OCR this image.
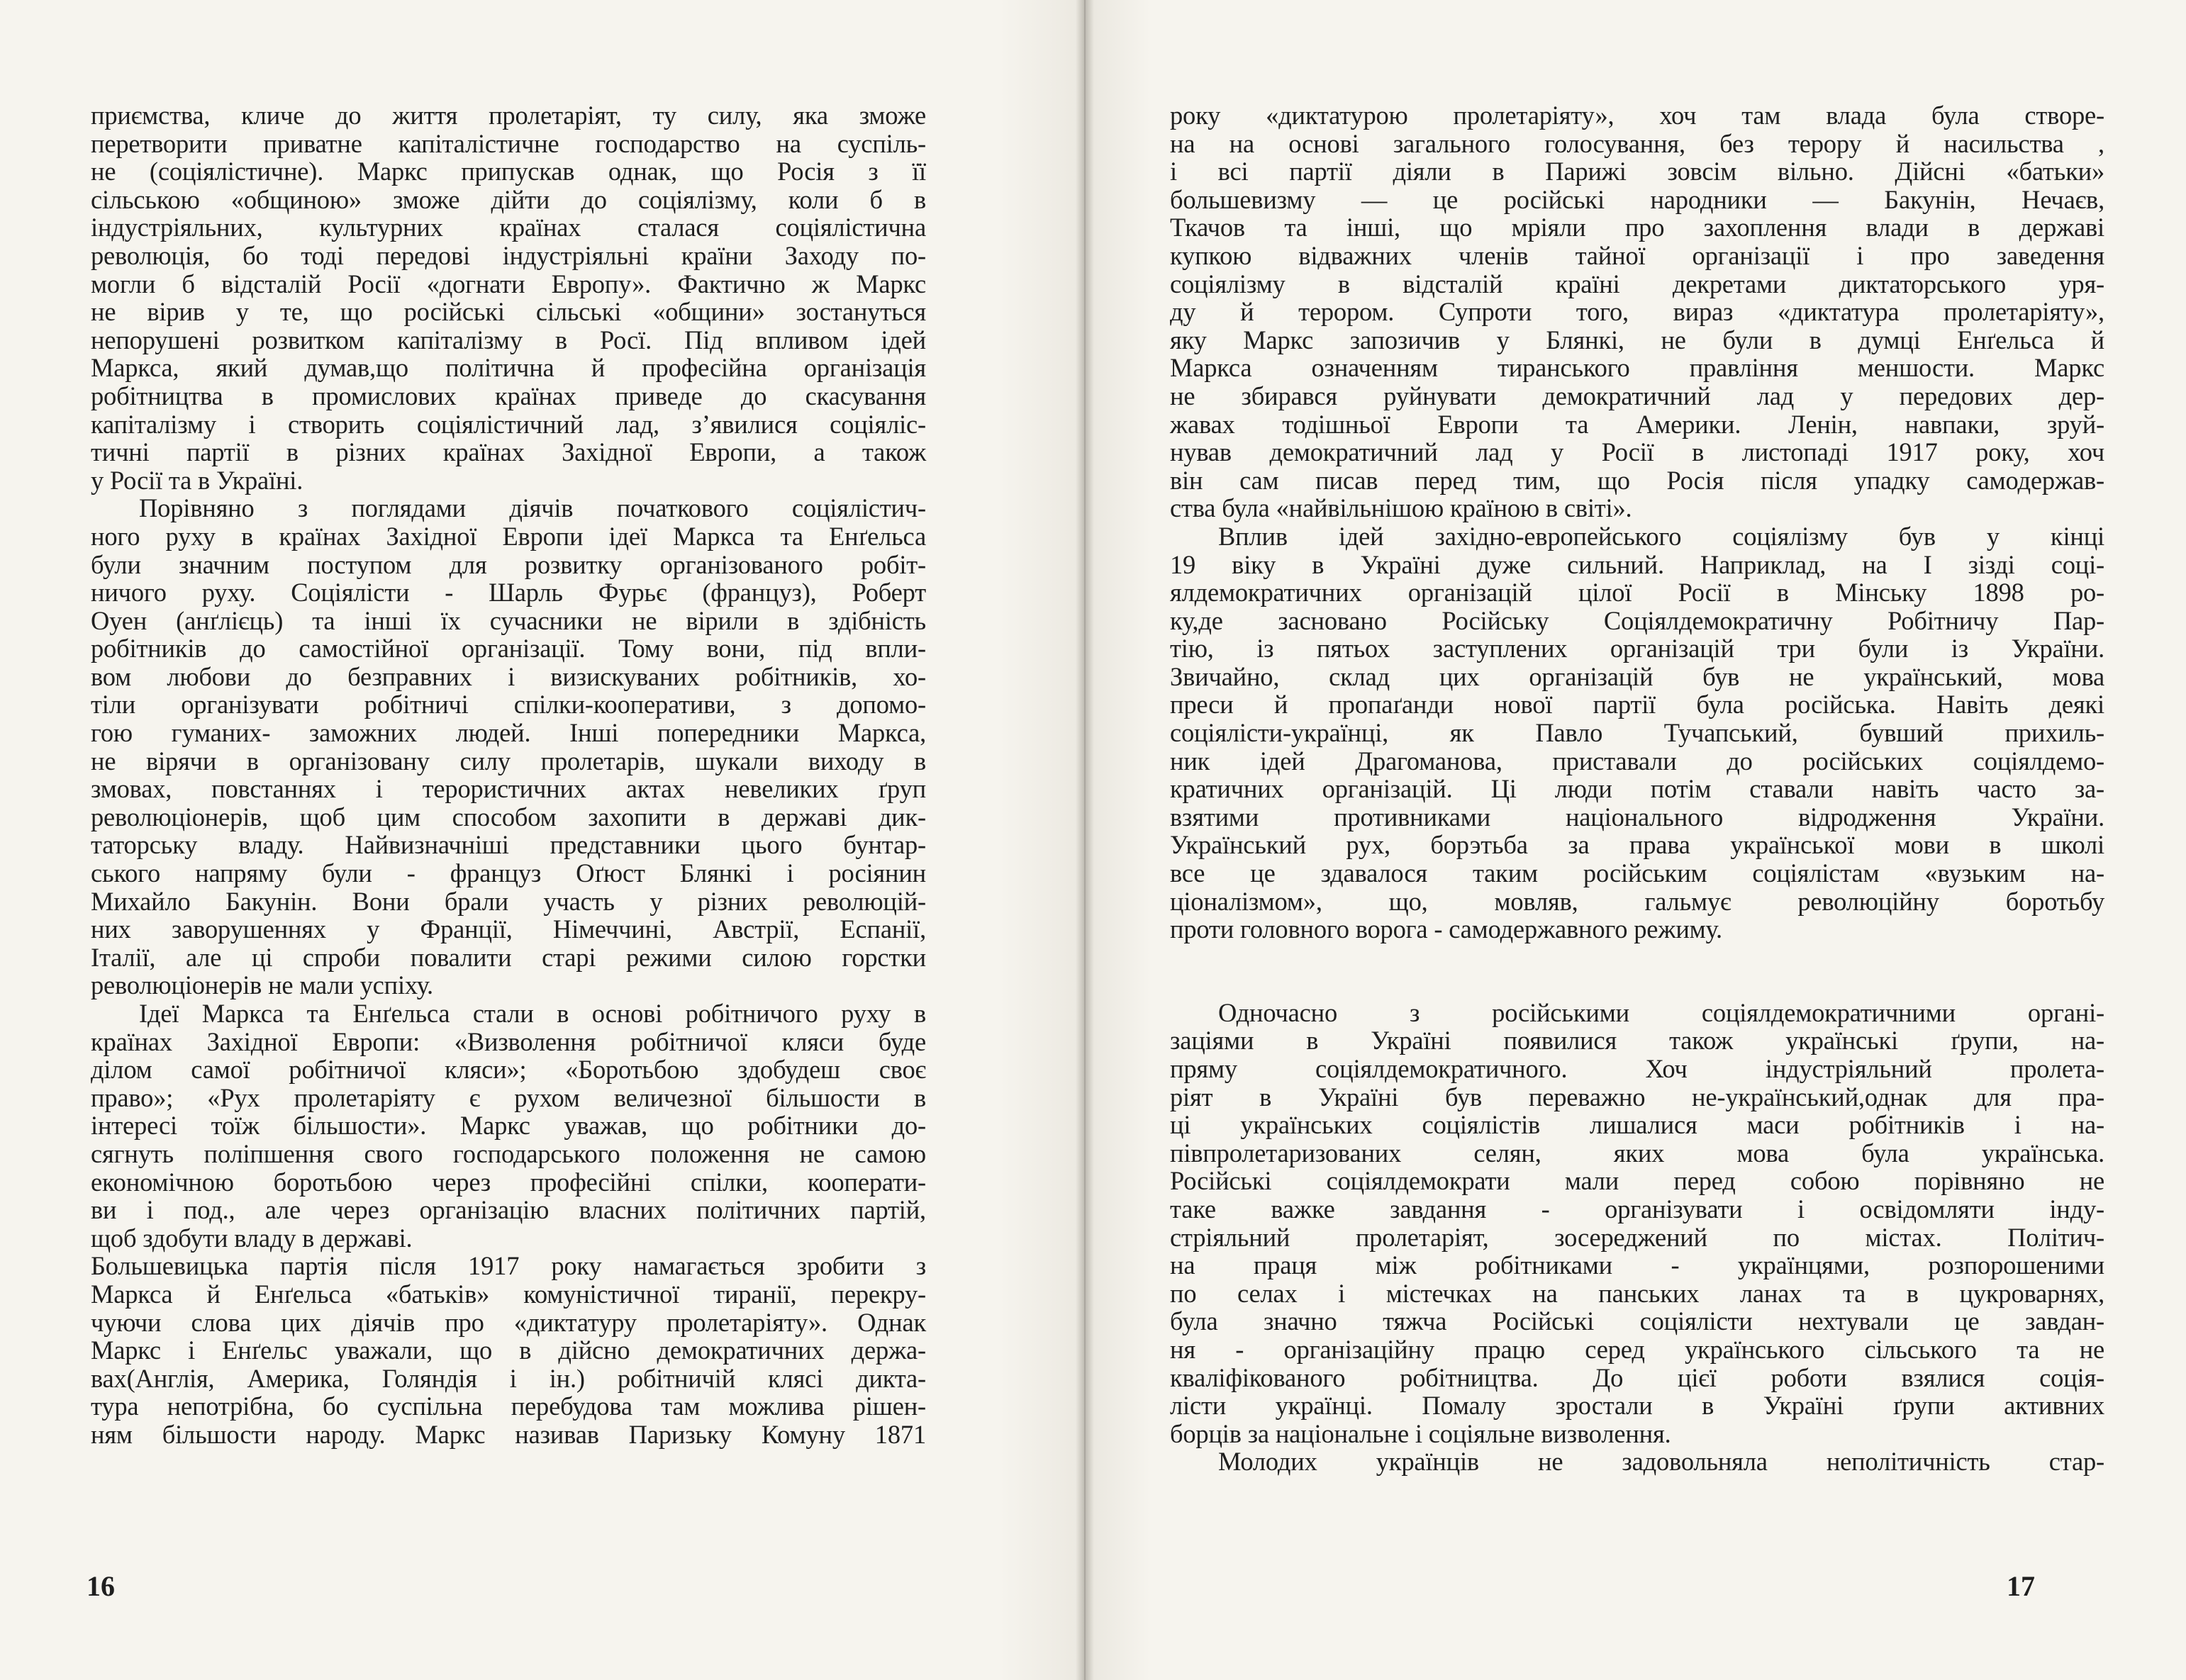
приємства, кличе до життя пролетаріят, ту силу, яка зможе
перетворити приватне капіталістичне господарство на суспіль-
не (соціялістичне). Маркс припускав однак, що Росія з її
сільською «общиною» зможе дійти до соціялізму, коли б в
індустріяльних, культурних країнах сталася соціялістична
революція, бо тоді передові індустріяльні країни Заходу по-
могли б відсталій Росії «догнати Европу». Фактично ж Маркс
не вірив у те, що російські сільські «общини» зостануться
непорушені розвитком капіталізму в Росї. Під впливом ідей
Маркса, який думав,що політична й професійна організація
робітництва в промислових країнах приведе до скасування
капіталізму і створить соціялістичний лад, з’явилися соціяліс-
тичні партії в різних країнах Західної Европи, а також
у Росії та в Україні.
Порівняно з поглядами діячів початкового соціялістич-
ного руху в країнах Західної Европи ідеї Маркса та Енґельса
були значним поступом для розвитку організованого робіт-
ничого руху. Соціялісти - Шарль Фурьє (француз), Роберт
Оуен (анґлієць) та інші їх сучасники не вірили в здібність
робітників до самостійної організації. Тому вони, під впли-
вом любови до безправних і визискуваних робітників, хо-
тіли організувати робітничі спілки-кооперативи, з допомо-
гою гуманих- заможних людей. Інші попередники Маркса,
не віpячи в організовану силу пролетарів, шукали виходу в
змовах, повстаннях і терористичних актах невеликих ґруп
революціонерів, щоб цим способом захопити в державі дик-
таторську владу. Найвизначніші представники цього бунтар-
ського напряму були - француз Оґюст Блянкі і росіянин
Михайло Бакунін. Вони брали участь у різних революцій-
них заворушеннях у Франції, Німеччині, Австрії, Еспанії,
Італії, але ці спроби повалити старі режими силою горстки
революціонерів не мали успіху.
Ідеї Маркса та Енґельса стали в основі робітничого руху в
країнах Західної Европи: «Визволення робітничої кляси буде
ділом самої робітничої кляси»; «Боротьбою здобудеш своє
право»; «Рух пролетаріяту є рухом величезної більшости в
інтересі тоїж більшости». Маркс уважав, що робітники до-
сягнуть поліпшення свого господарського положення не самою
економічною боротьбою через професійні спілки, кооперати-
ви і под., але через організацію власних політичних партій,
щоб здобути владу в державі.
Большевицька партія після 1917 року намагається зробити з
Маркса й Енґельса «батьків» комуністичної тиранії, перекру-
чуючи слова цих діячів про «диктатуру пролетаріяту». Однак
Маркс і Енґельс уважали, що в дійсно демократичних держа-
вах(Англія, Америка, Голяндія і ін.) робітничій клясі дикта-
тура непотрібна, бо суспільна перебудова там можлива рішен-
ням більшости народу. Маркс називав Паризьку Комуну 1871
16
року «диктатурою пролетаріяту», хоч там влада була створе-
на на основі загального голосування, без терору й насильства ,
і всі партії діяли в Парижі зовсім вільно. Дійсні «батьки»
большевизму — це російські народники — Бакунін, Нечаєв,
Ткачов та інші, що мріяли про захоплення влади в державі
купкою відважних членів тайної організації і про заведення
соціялізму в відсталій країні декретами диктаторського уря-
ду й терором. Супроти того, вираз «диктатура пролетаріяту»,
яку Маркс запозичив у Блянкі, не були в думці Енґельса й
Маркса означенням тиранського правління меншости. Маркс
не збирався руйнувати демократичний лад у передових дер-
жавах тодішньої Европи та Америки. Ленін, навпаки, зруй-
нував демократичний лад у Росії в листопаді 1917 року, хоч
він сам писав перед тим, що Росія після упадку самодержав-
ства була «найвільнішою країною в світі».
Вплив ідей західно-европейського соціялізму був у кінці
19 віку в Україні дуже сильний. Наприклад, на І зізді соці-
ялдемократичних організацій цілої Росії в Мінську 1898 ро-
ку,де засновано Російську Соціялдемократичну Робітничу Пар-
тію, із пятьох заступлених організацій три були із України.
Звичайно, склад цих організацій був не український, мова
преси й пропаґанди нової партії була російська. Навіть деякі
соціялісти-українці, як Павло Тучапський, бувший прихиль-
ник ідей Драгоманова, приставали до російських соціялдемо-
кратичних організацій. Ці люди потім ставали навіть часто за-
взятими противниками національного відродження України.
Український рух, борэтьба за права української мови в школі
все це здавалося таким російським соціялістам «вузьким на-
ціоналізмом», що, мовляв, гальмує революційну боротьбу
проти головного ворога - самодержавного режиму.
Одночасно з російськими соціялдемократичними органі-
заціями в Україні появилися також українські ґрупи, на-
пряму соціялдемократичного. Хоч індустріяльний пролета-
ріят в Україні був переважно не-український,однак для пра-
ці українських соціялістів лишалися маси робітників і на-
півпролетаризованих селян, яких мова була українська.
Російські соціялдемократи мали перед собою порівняно не
таке важке завдання - організувати і освідомляти інду-
стріяльний пролетаріят, зосереджений по містах. Політич-
на праця між робітниками - українцями, розпорошеними
по селах і містечках на панських ланах та в цукроварнях,
була значно тяжча Російські соціялісти нехтували це завдан-
ня - організаційну працю серед українського сільського та не
кваліфікованого робітництва. До цієї роботи взялися соція-
лісти українці. Помалу зростали в Україні ґрупи активних
борців за національне і соціяльне визволення.
Молодих українців не задовольняла неполітичність стар-
17
